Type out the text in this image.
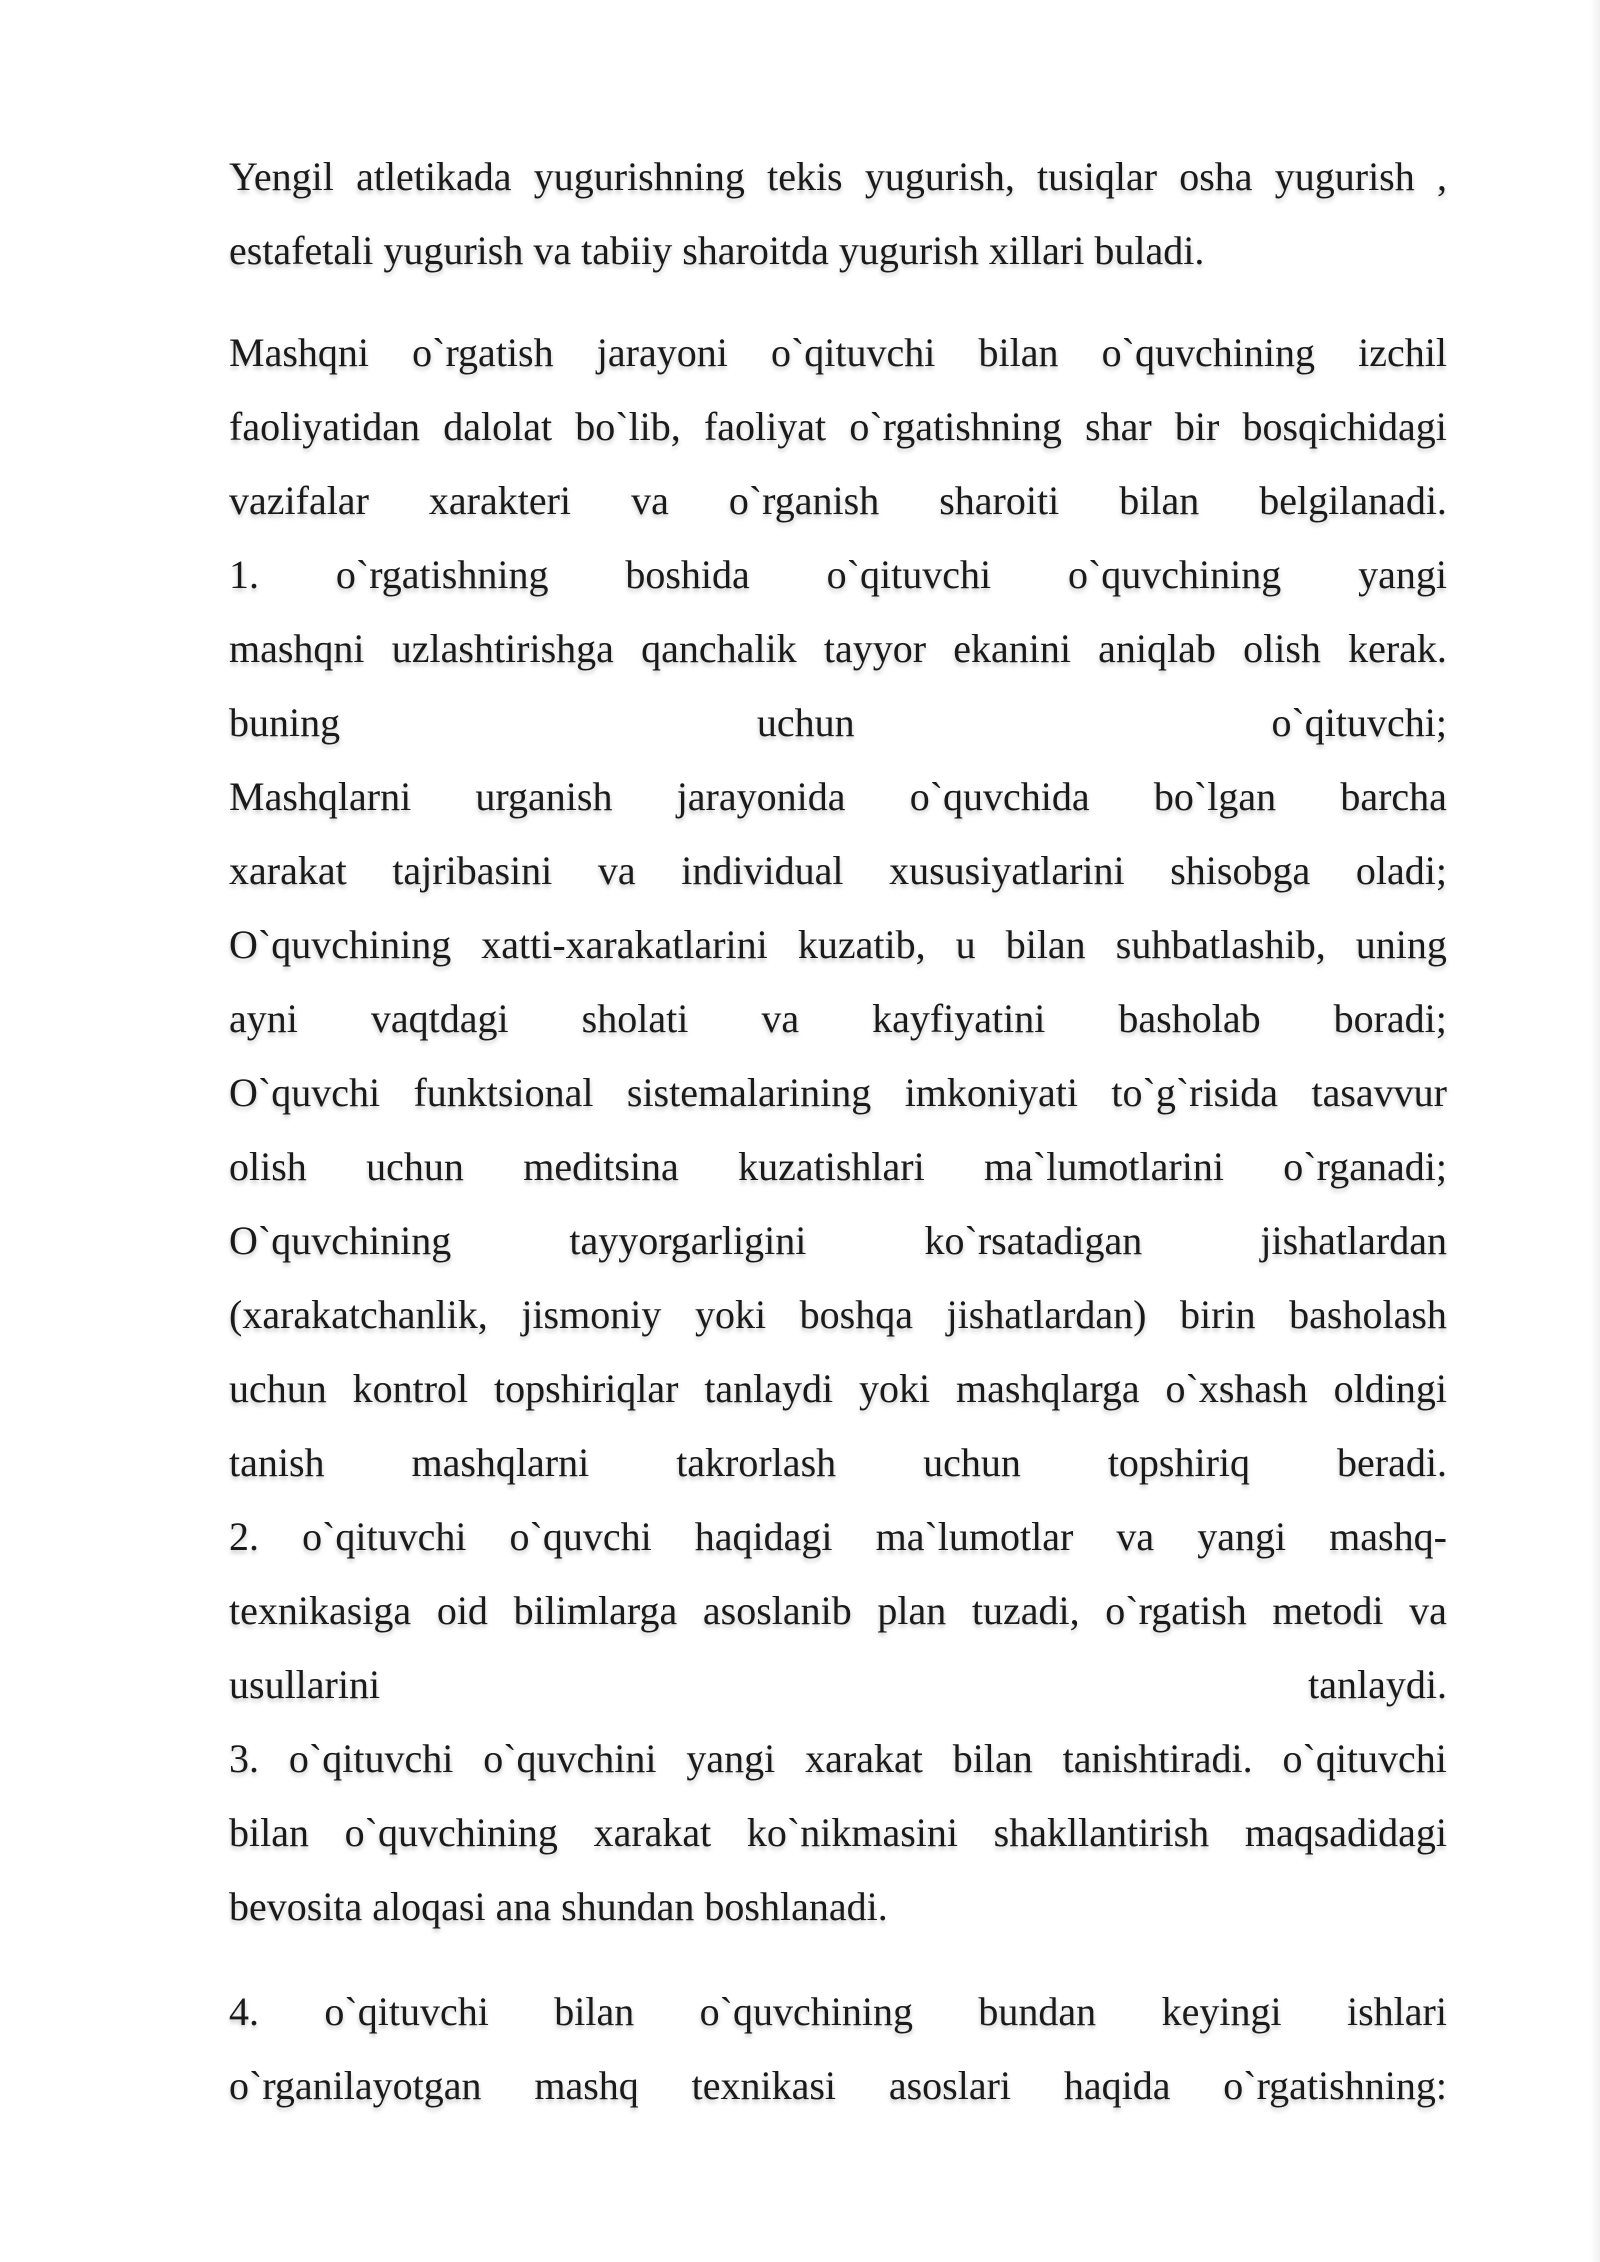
Yengil atletikada yugurishning tekis yugurish, tusiqlar osha yugurish ,
estafetali yugurish va tabiiy sharoitda yugurish xillari buladi.
Mashqni o`rgatish jarayoni o`qituvchi bilan o`quvchining izchil
faoliyatidan dalolat bo`lib, faoliyat o`rgatishning shar bir bosqichidagi
vazifalar xarakteri va o`rganish sharoiti bilan belgilanadi.
1. o`rgatishning boshida o`qituvchi o`quvchining yangi
mashqni uzlashtirishga qanchalik tayyor ekanini aniqlab olish kerak.
buning	uchun	o`qituvchi;
Mashqlarni urganish jarayonida o`quvchida bo`lgan barcha
xarakat tajribasini va individual xususiyatlarini shisobga oladi;
O`quvchining xatti-xarakatlarini kuzatib, u bilan suhbatlashib, uning
ayni vaqtdagi sholati va kayfiyatini basholab boradi;
O`quvchi funktsional sistemalarining imkoniyati to`g`risida tasavvur
olish uchun meditsina kuzatishlari ma`lumotlarini o`rganadi;
O`quvchining	tayyorgarligini	ko`rsatadigan	jishatlardan
(xarakatchanlik, jismoniy yoki boshqa jishatlardan) birin basholash
uchun kontrol topshiriqlar tanlaydi yoki mashqlarga o`xshash oldingi
tanish mashqlarni takrorlash uchun topshiriq beradi.
2. o`qituvchi o`quvchi haqidagi ma`lumotlar va yangi mashq-
texnikasiga oid bilimlarga asoslanib plan tuzadi, o`rgatish metodi va
usullarini	tanlaydi.
3. o`qituvchi o`quvchini yangi xarakat bilan tanishtiradi. o`qituvchi
bilan o`quvchining xarakat ko`nikmasini shakllantirish maqsadidagi
bevosita aloqasi ana shundan boshlanadi.
4. o`qituvchi bilan o`quvchining bundan keyingi ishlari
o`rganilayotgan mashq texnikasi asoslari haqida o`rgatishning:
